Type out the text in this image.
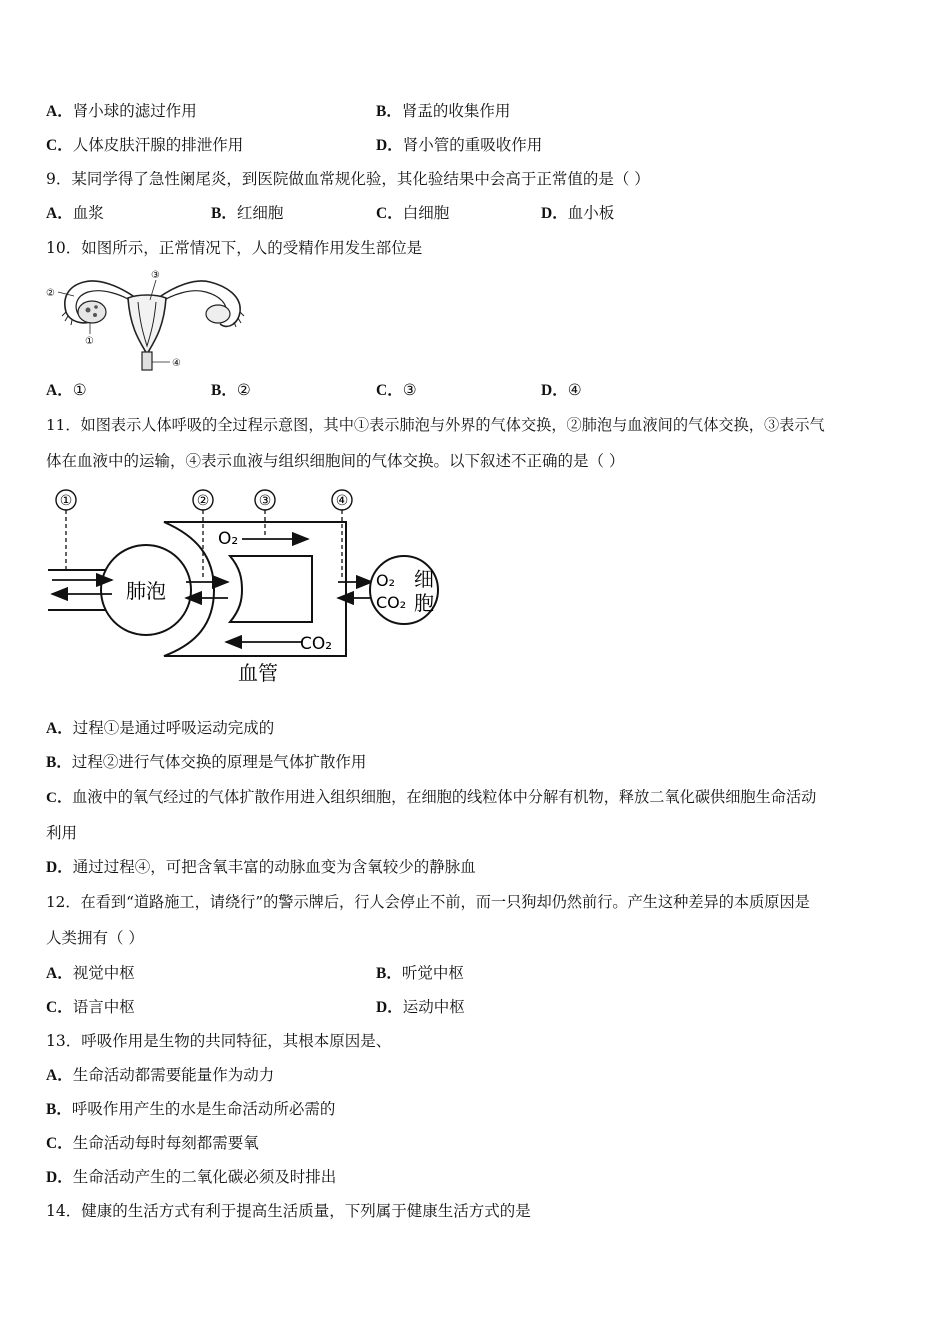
A．肾小球的滤过作用	B．肾盂的收集作用
C．人体皮肤汗腺的排泄作用	D．肾小管的重吸收作用
9．某同学得了急性阑尾炎，到医院做血常规化验，其化验结果中会高于正常值的是（ ）
A．血浆	B．红细胞	C．白细胞	D．血小板
10．如图所示，正常情况下，人的受精作用发生部位是
③
②
①
④
A．①	B．②	C．③	D．④
11．如图表示人体呼吸的全过程示意图，其中①表示肺泡与外界的气体交换，②肺泡与血液间的气体交换，③表示气
体在血液中的运输，④表示血液与组织细胞间的气体交换。以下叙述不正确的是（ ）
①	②	③	④
肺泡
O₂
CO₂
O₂
CO₂
细
胞
血管
A．过程①是通过呼吸运动完成的
B．过程②进行气体交换的原理是气体扩散作用
C．血液中的氧气经过的气体扩散作用进入组织细胞，在细胞的线粒体中分解有机物，释放二氧化碳供细胞生命活动
利用
D．通过过程④，可把含氧丰富的动脉血变为含氧较少的静脉血
12．在看到“道路施工，请绕行”的警示牌后，行人会停止不前，而一只狗却仍然前行。产生这种差异的本质原因是
人类拥有（ ）
A．视觉中枢	B．听觉中枢
C．语言中枢	D．运动中枢
13．呼吸作用是生物的共同特征，其根本原因是、
A．生命活动都需要能量作为动力
B．呼吸作用产生的水是生命活动所必需的
C．生命活动每时每刻都需要氧
D．生命活动产生的二氧化碳必须及时排出
14．健康的生活方式有利于提高生活质量，下列属于健康生活方式的是
